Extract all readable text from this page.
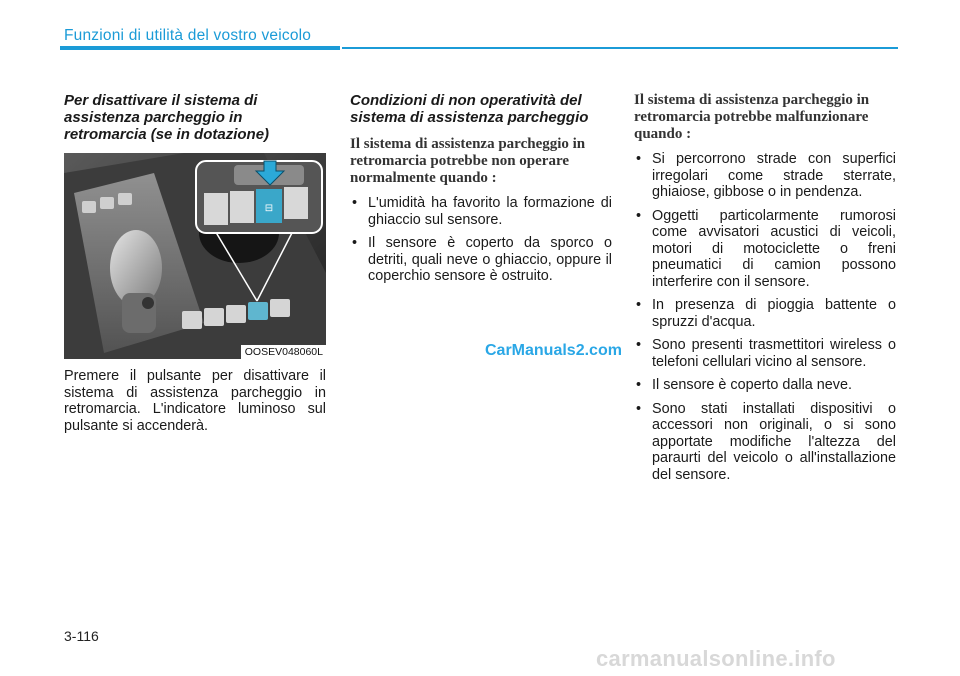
Funzioni di utilità del vostro veicolo
Per disattivare il sistema di assistenza parcheggio in retromarcia (se in dotazione)
⊟
OOSEV048060L

Premere il pulsante per disattivare il sistema di assistenza parcheggio in retromarcia. L'indicatore luminoso sul pulsante si accenderà.

Condizioni di non operatività del sistema di assistenza parcheggio
Il sistema di assistenza parcheggio in retromarcia potrebbe non operare normalmente quando :
• L'umidità ha favorito la formazione di ghiaccio sul sensore.
• Il sensore è coperto da sporco o detriti, quali neve o ghiaccio, oppure il coperchio sensore è ostruito.
Il sistema di assistenza parcheggio in retromarcia potrebbe malfunzionare quando :
• Si percorrono strade con superfici irregolari come strade sterrate, ghiaiose, gibbose o in pendenza.
• Oggetti particolarmente rumorosi come avvisatori acustici di veicoli, motori di motociclette o freni pneumatici di camion possono interferire con il sensore.
• In presenza di pioggia battente o spruzzi d'acqua.
• Sono presenti trasmettitori wireless o telefoni cellulari vicino al sensore.
• Il sensore è coperto dalla neve.
• Sono stati installati dispositivi o accessori non originali, o si sono apportate modifiche l'altezza del paraurti del veicolo o all'installazione del sensore.
CarManuals2.com
3-116
carmanualsonline.info
